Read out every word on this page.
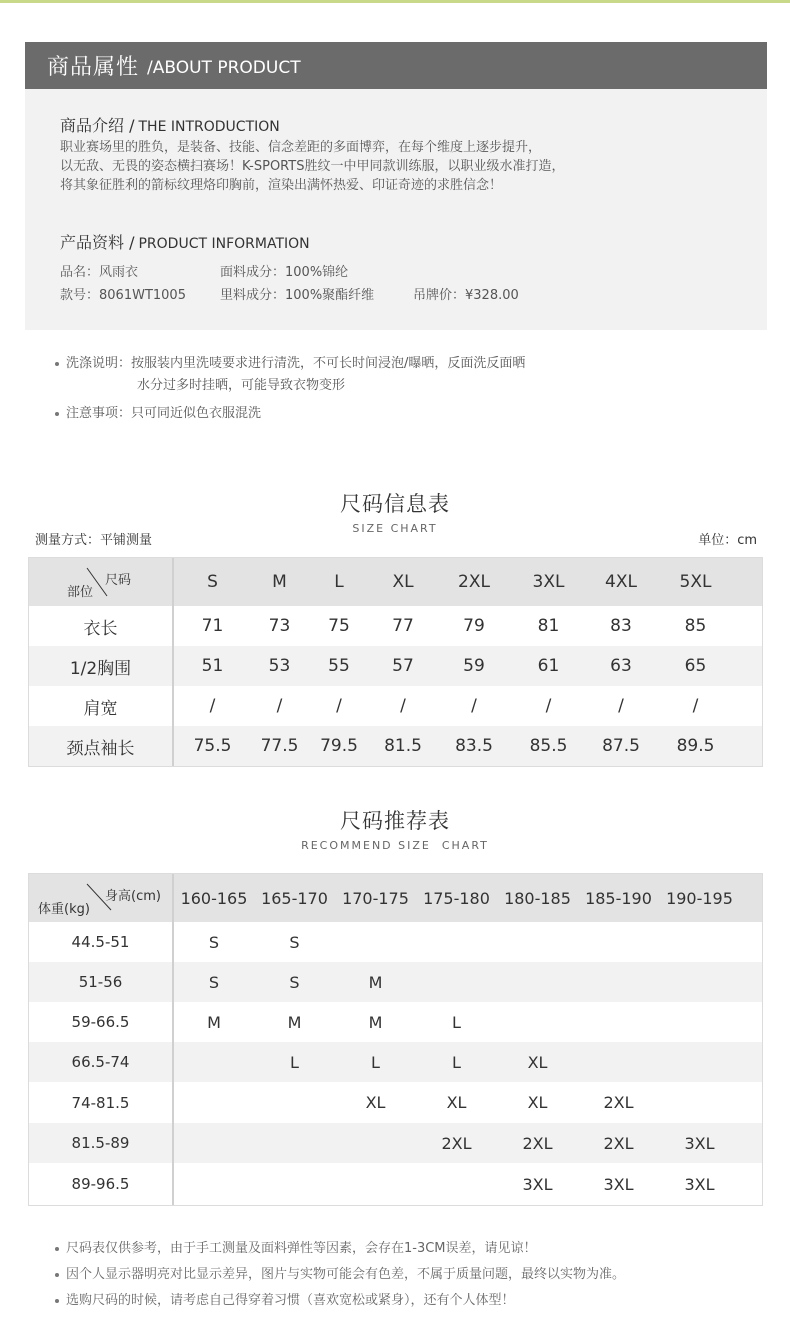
商品属性 /ABOUT PRODUCT
商品介绍 / THE INTRODUCTION
职业赛场里的胜负，是装备、技能、信念差距的多面博弈，在每个维度上逐步提升，
以无敌、无畏的姿态横扫赛场！K-SPORTS胜纹一中甲同款训练服，以职业级水准打造，
将其象征胜利的箭标纹理烙印胸前，渲染出满怀热爱、印证奇迹的求胜信念！
产品资料 / PRODUCT INFORMATION
品名：风雨衣	面料成分：100%锦纶
款号：8061WT1005	里料成分：100%聚酯纤维	吊牌价：¥328.00
洗涤说明：按服装内里洗唛要求进行清洗，不可长时间浸泡/曝晒，反面洗反面晒
水分过多时挂晒，可能导致衣物变形
注意事项：只可同近似色衣服混洗
尺码信息表
SIZE CHART
测量方式：平铺测量	单位：cm
尺码
部位	S	M	L	XL	2XL	3XL	4XL	5XL	
衣长	71	73	75	77	79	81	83	85	
1/2胸围	51	53	55	57	59	61	63	65	
肩宽	/	/	/	/	/	/	/	/	
颈点袖长	75.5	77.5	79.5	81.5	83.5	85.5	87.5	89.5	
尺码推荐表
RECOMMEND SIZE  CHART
身高(cm)
体重(kg)	160-165	165-170	170-175	175-180	180-185	185-190	190-195	
44.5-51	S	S						
51-56	S	S	M					
59-66.5	M	M	M	L				
66.5-74		L	L	L	XL			
74-81.5			XL	XL	XL	2XL		
81.5-89				2XL	2XL	2XL	3XL	
89-96.5					3XL	3XL	3XL	
尺码表仅供参考，由于手工测量及面料弹性等因素，会存在1-3CM误差，请见谅！
因个人显示器明亮对比显示差异，图片与实物可能会有色差，不属于质量问题，最终以实物为准。
选购尺码的时候，请考虑自己得穿着习惯（喜欢宽松或紧身），还有个人体型！
